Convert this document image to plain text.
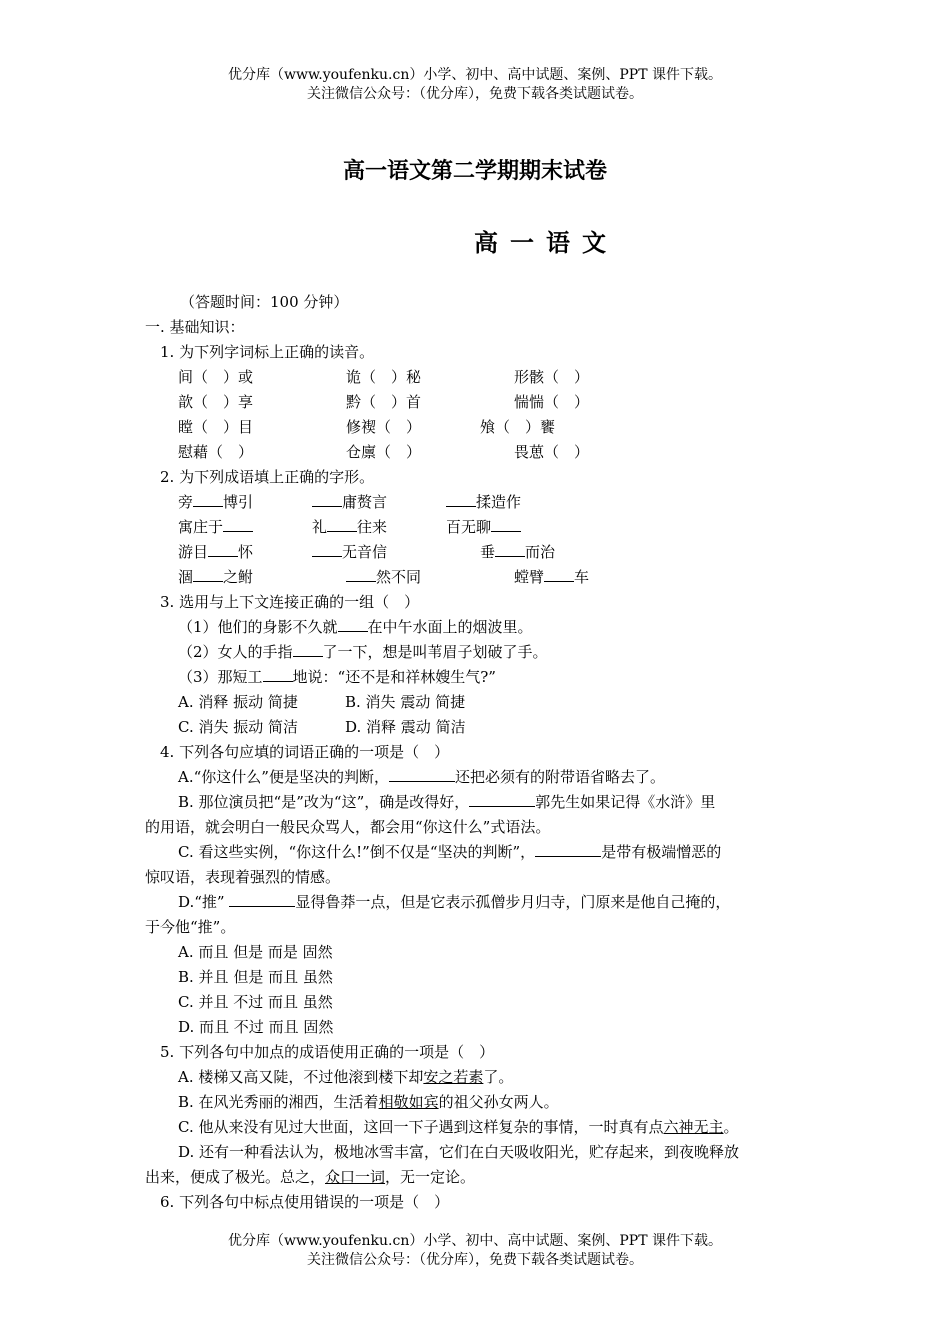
优分库（www.youfenku.cn）小学、初中、高中试题、案例、PPT 课件下载。
关注微信公众号：（优分库），免费下载各类试题试卷。
高一语文第二学期期末试卷
高一语文
（答题时间：100 分钟）
一. 基础知识：
1. 为下列字词标上正确的读音。
间（　）或	诡（　）秘	形骸（　）
歆（　）享	黔（　）首	惴惴（　）
瞠（　）目	修褉（　）	飧（　）饔
慰藉（　）	仓廪（　）	畏葸（　）
2. 为下列成语填上正确的字形。
旁 博引	庸赘言	揉造作
寓庄于	礼 往来	百无聊
游目 怀	无音信	垂 而治
涸 之鲋	然不同	螳臂 车
3. 选用与上下文连接正确的一组（　）
（1）他们的身影不久就 在中午水面上的烟波里。
（2）女人的手指 了一下，想是叫苇眉子划破了手。
（3）那短工 地说：“还不是和祥林嫂生气?”
A. 消释 振动 简捷	B. 消失 震动 简捷
C. 消失 振动 简洁	D. 消释 震动 简洁
4. 下列各句应填的词语正确的一项是（　）
A.“你这什么”便是坚决的判断，	还把必须有的附带语省略去了。
B. 那位演员把“是”改为“这”，确是改得好，	郭先生如果记得《水浒》里
的用语，就会明白一般民众骂人，都会用“你这什么”式语法。
C. 看这些实例，“你这什么!”倒不仅是“坚决的判断”，	是带有极端憎恶的
惊叹语，表现着强烈的情感。
D.“推”	显得鲁莽一点，但是它表示孤僧步月归寺，门原来是他自己掩的，
于今他“推”。
A. 而且 但是 而是 固然
B. 并且 但是 而且 虽然
C. 并且 不过 而且 虽然
D. 而且 不过 而且 固然
5. 下列各句中加点的成语使用正确的一项是（　）
A. 楼梯又高又陡，不过他滚到楼下却安之若素了。
B. 在风光秀丽的湘西，生活着相敬如宾的祖父孙女两人。
C. 他从来没有见过大世面，这回一下子遇到这样复杂的事情，一时真有点六神无主。
D. 还有一种看法认为，极地冰雪丰富，它们在白天吸收阳光，贮存起来，到夜晚释放
出来，便成了极光。总之，众口一词，无一定论。
6. 下列各句中标点使用错误的一项是（　）
优分库（www.youfenku.cn）小学、初中、高中试题、案例、PPT 课件下载。
关注微信公众号：（优分库），免费下载各类试题试卷。
